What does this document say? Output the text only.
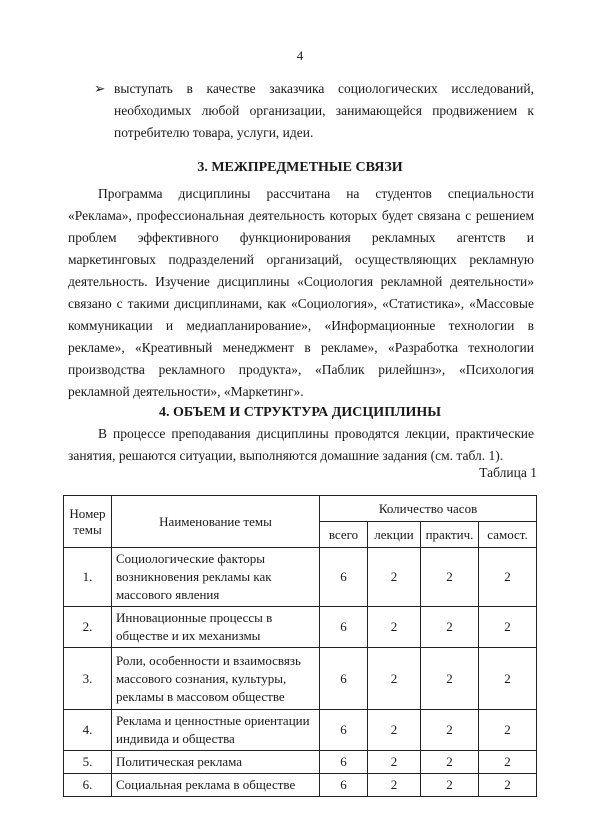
4
➢ выступать в качестве заказчика социологических исследований, необходимых любой организации, занимающейся продвижением к потребителю товара, услуги, идеи.
3. МЕЖПРЕДМЕТНЫЕ СВЯЗИ
Программа дисциплины рассчитана на студентов специальности «Реклама», профессиональная деятельность которых будет связана с решением проблем эффективного функционирования рекламных агентств и маркетинговых подразделений организаций, осуществляющих рекламную деятельность. Изучение дисциплины «Социология рекламной деятельности» связано с такими дисциплинами, как «Социология», «Статистика», «Массовые коммуникации и медиапланирование», «Информационные технологии в рекламе», «Креативный менеджмент в рекламе», «Разработка технологии производства рекламного продукта», «Паблик рилейшнз», «Психология рекламной деятельности», «Маркетинг».
4. ОБЪЕМ И СТРУКТУРА ДИСЦИПЛИНЫ
В процессе преподавания дисциплины проводятся лекции, практические занятия, решаются ситуации, выполняются домашние задания (см. табл. 1).
Таблица 1
Номер темы	Наименование темы	Количество часов			
		всего	лекции	практич.	самост.
1.	Социологические факторы возникновения рекламы как массового явления	6	2	2	2
2.	Инновационные процессы в обществе и их механизмы	6	2	2	2
3.	Роли, особенности и взаимосвязь массового сознания, культуры, рекламы в массовом обществе	6	2	2	2
4.	Реклама и ценностные ориентации индивида и общества	6	2	2	2
5.	Политическая реклама	6	2	2	2
6.	Социальная реклама в обществе	6	2	2	2
